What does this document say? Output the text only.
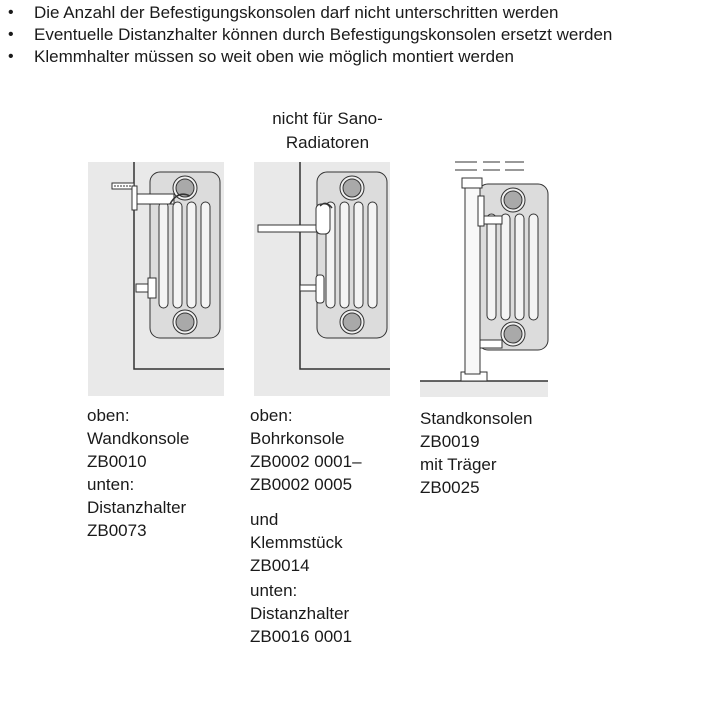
•	Die Anzahl der Befestigungskonsolen darf nicht unterschritten werden
•	Eventuelle Distanzhalter können durch Befestigungskonsolen ersetzt werden
•	Klemmhalter müssen so weit oben wie möglich montiert werden
nicht für Sano-
Radiatoren
oben:
Wandkonsole
ZB0010
unten:
Distanzhalter
ZB0073
oben:
Bohrkonsole
ZB0002 0001–
ZB0002 0005
und
Klemmstück
ZB0014
unten:
Distanzhalter
ZB0016 0001
Standkonsolen
ZB0019
mit Träger
ZB0025
